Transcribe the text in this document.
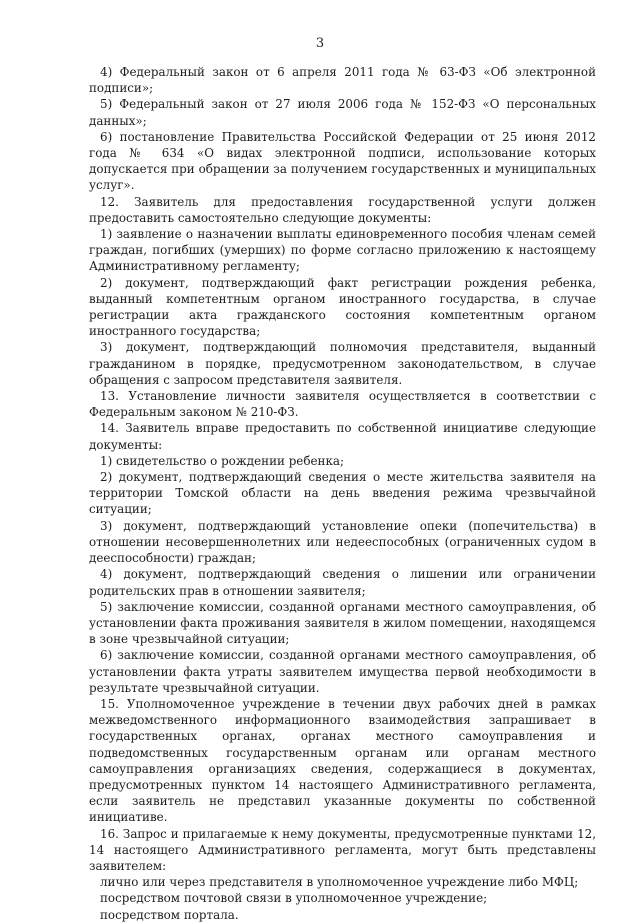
3

4) Федеральный закон от 6 апреля 2011 года № 63-ФЗ «Об электронной подписи»;

5) Федеральный закон от 27 июля 2006 года № 152-ФЗ «О персональных данных»;

6) постановление Правительства Российской Федерации от 25 июня 2012 года № 634 «О видах электронной подписи, использование которых допускается при обращении за получением государственных и муниципальных услуг».

12. Заявитель для предоставления государственной услуги должен предоставить самостоятельно следующие документы:

1) заявление о назначении выплаты единовременного пособия членам семей граждан, погибших (умерших) по форме согласно приложению к настоящему Административному регламенту;

2) документ, подтверждающий факт регистрации рождения ребенка, выданный компетентным органом иностранного государства, в случае регистрации акта гражданского состояния компетентным органом иностранного государства;

3) документ, подтверждающий полномочия представителя, выданный гражданином в порядке, предусмотренном законодательством, в случае обращения с запросом представителя заявителя.

13. Установление личности заявителя осуществляется в соответствии с Федеральным законом № 210-ФЗ.

14. Заявитель вправе предоставить по собственной инициативе следующие документы:

1) свидетельство о рождении ребенка;

2) документ, подтверждающий сведения о месте жительства заявителя на территории Томской области на день введения режима чрезвычайной ситуации;

3) документ, подтверждающий установление опеки (попечительства) в отношении несовершеннолетних или недееспособных (ограниченных судом в дееспособности) граждан;

4) документ, подтверждающий сведения о лишении или ограничении родительских прав в отношении заявителя;

5) заключение комиссии, созданной органами местного самоуправления, об установлении факта проживания заявителя в жилом помещении, находящемся в зоне чрезвычайной ситуации;

6) заключение комиссии, созданной органами местного самоуправления, об установлении факта утраты заявителем имущества первой необходимости в результате чрезвычайной ситуации.

15. Уполномоченное учреждение в течении двух рабочих дней в рамках межведомственного информационного взаимодействия запрашивает в государственных органах, органах местного самоуправления и подведомственных государственным органам или органам местного самоуправления организациях сведения, содержащиеся в документах, предусмотренных пунктом 14 настоящего Административного регламента, если заявитель не представил указанные документы по собственной инициативе.

16. Запрос и прилагаемые к нему документы, предусмотренные пунктами 12, 14 настоящего Административного регламента, могут быть представлены заявителем:

лично или через представителя в уполномоченное учреждение либо МФЦ;

посредством почтовой связи в уполномоченное учреждение;

посредством портала.
